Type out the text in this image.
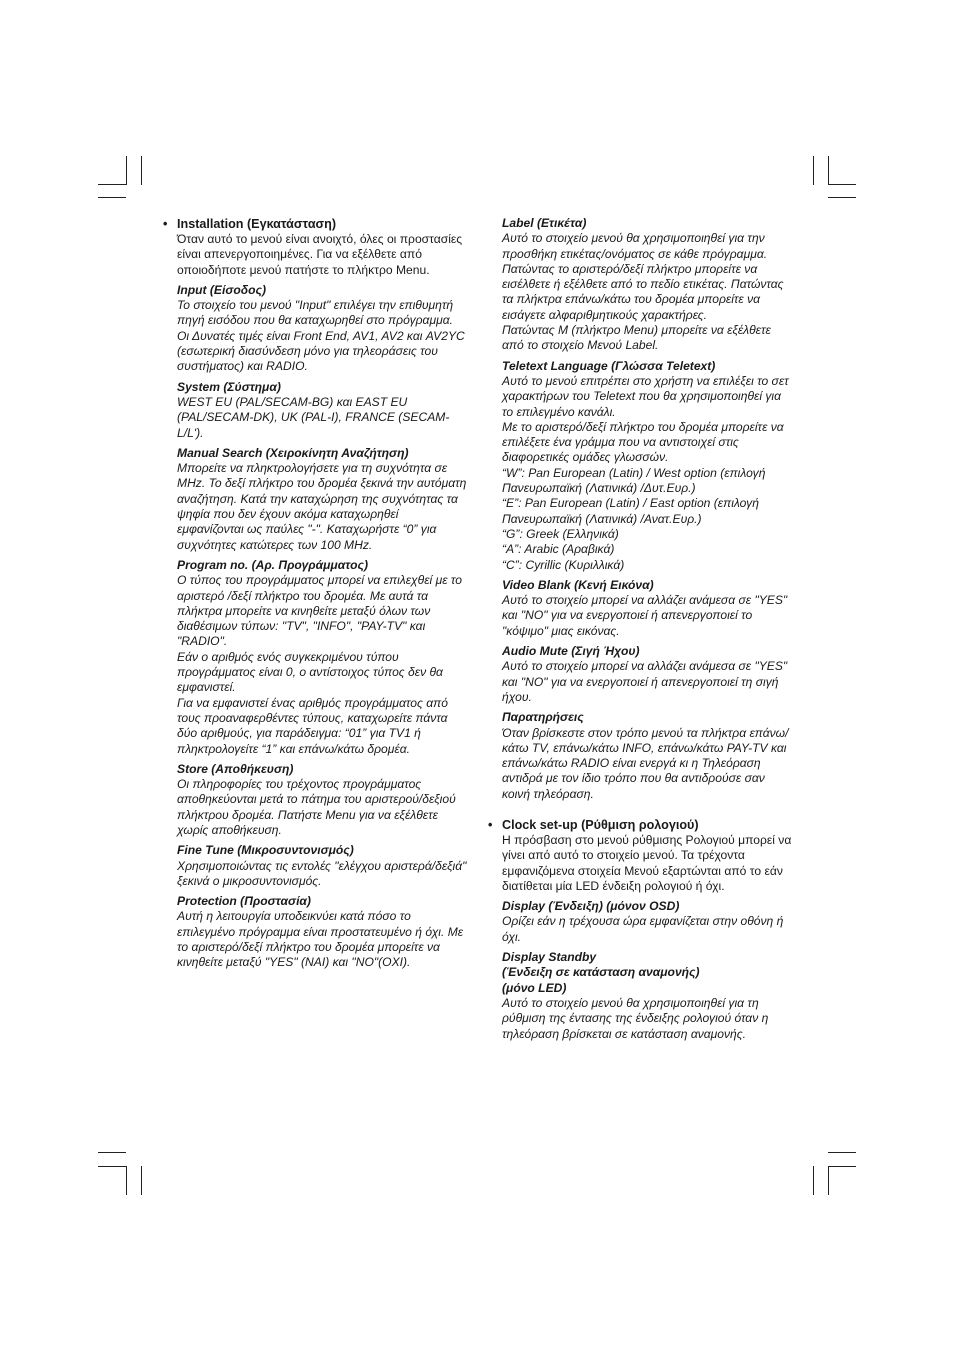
• Installation (Εγκατάσταση)

Όταν αυτό το μενού είναι ανοιχτό, όλες οι προστασίες είναι απενεργοποιημένες. Για να εξέλθετε από οποιοδήποτε μενού πατήστε το πλήκτρο Menu.

Input (Είσοδος)

Το στοιχείο του μενού "Input" επιλέγει την επιθυμητή πηγή εισόδου που θα καταχωρηθεί στο πρόγραμμα. Οι Δυνατές τιμές είναι Front End, AV1, AV2 και AV2YC (εσωτερική διασύνδεση μόνο για τηλεοράσεις του συστήματος) και RADIO.

System (Σύστημα)

WEST EU (PAL/SECAM-BG) και EAST EU (PAL/SECAM-DK), UK (PAL-I), FRANCE (SECAM-L/L').

Manual Search (Χειροκίνητη Αναζήτηση)

Μπορείτε να πληκτρολογήσετε για τη συχνότητα σε MHz. Το δεξί πλήκτρο του δρομέα ξεκινά την αυτόματη αναζήτηση. Κατά την καταχώρηση της συχνότητας τα ψηφία που δεν έχουν ακόμα καταχωρηθεί εμφανίζονται ως παύλες "-". Καταχωρήστε “0” για συχνότητες κατώτερες των 100 MHz.

Program no. (Αρ. Προγράμματος)

Ο τύπος του προγράμματος μπορεί να επιλεχθεί με το αριστερό /δεξί πλήκτρο του δρομέα. Με αυτά τα πλήκτρα μπορείτε να κινηθείτε μεταξύ όλων των διαθέσιμων τύπων: "TV", "INFO", "PAY-TV" και "RADIO".
Εάν ο αριθμός ενός συγκεκριμένου τύπου προγράμματος είναι 0, ο αντίστοιχος τύπος δεν θα εμφανιστεί.
Για να εμφανιστεί ένας αριθμός προγράμματος από τους προαναφερθέντες τύπους, καταχωρείτε πάντα δύο αριθμούς, για παράδειγμα: “01” για TV1 ή πληκτρολογείτε “1” και επάνω/κάτω δρομέα.

Store (Αποθήκευση)

Οι πληροφορίες του τρέχοντος προγράμματος αποθηκεύονται μετά το πάτημα του αριστερού/δεξιού πλήκτρου δρομέα. Πατήστε Menu για να εξέλθετε χωρίς αποθήκευση.

Fine Tune (Μικροσυντονισμός)

Χρησιμοποιώντας τις εντολές "ελέγχου αριστερά/δεξιά" ξεκινά ο μικροσυντονισμός.

Protection (Προστασία)

Αυτή η λειτουργία υποδεικνύει κατά πόσο το επιλεγμένο πρόγραμμα είναι προστατευμένο ή όχι. Με το αριστερό/δεξί πλήκτρο του δρομέα μπορείτε να κινηθείτε μεταξύ "YES" (NAI) και "NO"(OXI).

Label (Ετικέτα)

Αυτό το στοιχείο μενού θα χρησιμοποιηθεί για την προσθήκη ετικέτας/ονόματος σε κάθε πρόγραμμα. Πατώντας το αριστερό/δεξί πλήκτρο μπορείτε να εισέλθετε ή εξέλθετε από το πεδίο ετικέτας. Πατώντας τα πλήκτρα επάνω/κάτω του δρομέα μπορείτε να εισάγετε αλφαριθμητικούς χαρακτήρες.
Πατώντας M (πλήκτρο Menu) μπορείτε να εξέλθετε από το στοιχείο Μενού Label.

Teletext Language (Γλώσσα Teletext)

Αυτό το μενού επιτρέπει στο χρήστη να επιλέξει το σετ χαρακτήρων του Teletext που θα χρησιμοποιηθεί για το επιλεγμένο κανάλι.
Με το αριστερό/δεξί πλήκτρο του δρομέα μπορείτε να επιλέξετε ένα γράμμα που να αντιστοιχεί στις διαφορετικές ομάδες γλωσσών.
“W”: Pan European (Latin) / West option (επιλογή Πανευρωπαϊκή (Λατινικά) /Δυτ.Ευρ.)
“E”: Pan European (Latin) / East option (επιλογή Πανευρωπαϊκή (Λατινικά) /Ανατ.Ευρ.)
“G”: Greek (Ελληνικά)
“A”: Arabic (Αραβικά)
“C”: Cyrillic (Κυριλλικά)

Video Blank (Κενή Εικόνα)

Αυτό το στοιχείο μπορεί να αλλάζει ανάμεσα σε "YES" και "NO" για να ενεργοποιεί ή απενεργοποιεί το "κόψιμο" μιας εικόνας.

Audio Mute (Σιγή Ήχου)

Αυτό το στοιχείο μπορεί να αλλάζει ανάμεσα σε "YES" και "NO" για να ενεργοποιεί ή απενεργοποιεί τη σιγή ήχου.

Παρατηρήσεις

Όταν βρίσκεστε στον τρόπο μενού τα πλήκτρα επάνω/κάτω TV, επάνω/κάτω INFO, επάνω/κάτω PAY-TV και επάνω/κάτω RADIO είναι ενεργά κι η Τηλεόραση αντιδρά με τον ίδιο τρόπο που θα αντιδρούσε σαν κοινή τηλεόραση.

• Clock set-up (Ρύθμιση ρολογιού)

Η πρόσβαση στο μενού ρύθμισης Ρολογιού μπορεί να γίνει από αυτό το στοιχείο μενού. Τα τρέχοντα εμφανιζόμενα στοιχεία Μενού εξαρτώνται από το εάν διατίθεται μία LED ένδειξη ρολογιού ή όχι.

Display (Ένδειξη) (μόνον OSD)

Ορίζει εάν η τρέχουσα ώρα εμφανίζεται στην οθόνη ή όχι.

Display Standby
(Ένδειξη σε κατάσταση αναμονής)
(μόνο LED)

Αυτό το στοιχείο μενού θα χρησιμοποιηθεί για τη ρύθμιση της έντασης της ένδειξης ρολογιού όταν η τηλεόραση βρίσκεται σε κατάσταση αναμονής.
